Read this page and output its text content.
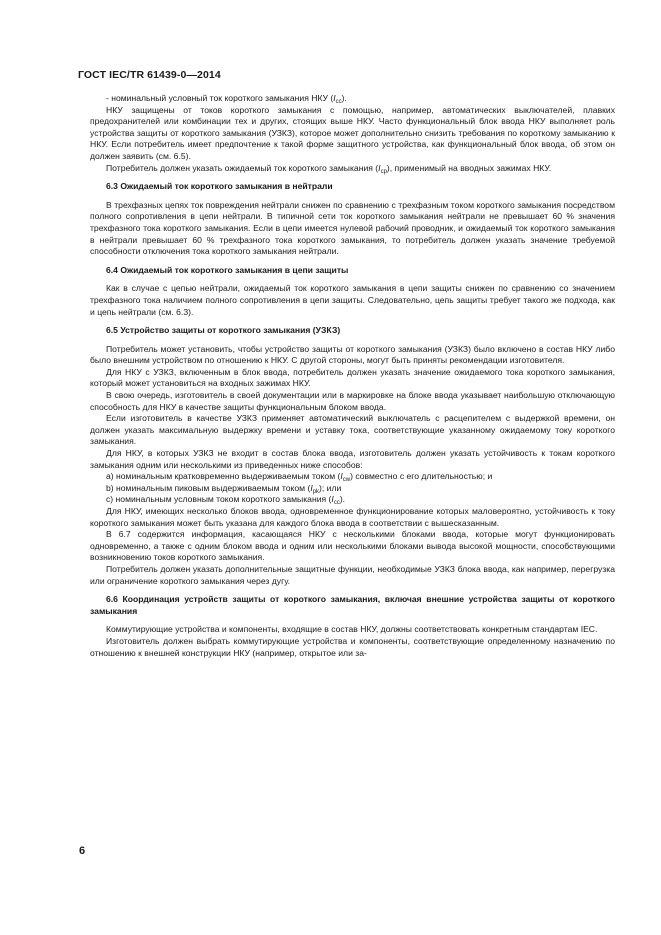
ГОСТ IEC/TR 61439-0—2014

- номинальный условный ток короткого замыкания НКУ $(I_{cc})$.

НКУ защищены от токов короткого замыкания с помощью, например, автоматических выключателей, плавких предохранителей или комбинации тех и других, стоящих выше НКУ. Часто функциональный блок ввода НКУ выполняет роль устройства защиты от короткого замыкания (УЗКЗ), которое может дополнительно снизить требования по короткому замыканию к НКУ. Если потребитель имеет предпочтение к такой форме защитного устройства, как функциональный блок ввода, об этом он должен заявить (см. 6.5).

Потребитель должен указать ожидаемый ток короткого замыкания $(I_{cp})$, применимый на вводных зажимах НКУ.

6.3 Ожидаемый ток короткого замыкания в нейтрали

В трехфазных цепях ток повреждения нейтрали снижен по сравнению с трехфазным током короткого замыкания посредством полного сопротивления в цепи нейтрали. В типичной сети ток короткого замыкания нейтрали не превышает 60 % значения трехфазного тока короткого замыкания. Если в цепи имеется нулевой рабочий проводник, и ожидаемый ток короткого замыкания в нейтрали превышает 60 % трехфазного тока короткого замыкания, то потребитель должен указать значение требуемой способности отключения тока короткого замыкания нейтрали.

6.4 Ожидаемый ток короткого замыкания в цепи защиты

Как в случае с цепью нейтрали, ожидаемый ток короткого замыкания в цепи защиты снижен по сравнению со значением трехфазного тока наличием полного сопротивления в цепи защиты. Следовательно, цепь защиты требует такого же подхода, как и цепь нейтрали (см. 6.3).

6.5 Устройство защиты от короткого замыкания (УЗКЗ)

Потребитель может установить, чтобы устройство защиты от короткого замыкания (УЗКЗ) было включено в состав НКУ либо было внешним устройством по отношению к НКУ. С другой стороны, могут быть приняты рекомендации изготовителя.

Для НКУ с УЗКЗ, включенным в блок ввода, потребитель должен указать значение ожидаемого тока короткого замыкания, который может установиться на входных зажимах НКУ.

В свою очередь, изготовитель в своей документации или в маркировке на блоке ввода указывает наибольшую отключающую способность для НКУ в качестве защиты функциональным блоком ввода.

Если изготовитель в качестве УЗКЗ применяет автоматический выключатель с расцепителем с выдержкой времени, он должен указать максимальную выдержку времени и уставку тока, соответствующие указанному ожидаемому току короткого замыкания.

Для НКУ, в которых УЗКЗ не входит в состав блока ввода, изготовитель должен указать устойчивость к токам короткого замыкания одним или несколькими из приведенных ниже способов:

a) номинальным кратковременно выдерживаемым током $(I_{cw})$ совместно с его длительностью; и

b) номинальным пиковым выдерживаемым током $(I_{pk})$; или

c) номинальным условным током короткого замыкания $(I_{cc})$.

Для НКУ, имеющих несколько блоков ввода, одновременное функционирование которых маловероятно, устойчивость к току короткого замыкания может быть указана для каждого блока ввода в соответствии с вышесказанным.

В 6.7 содержится информация, касающаяся НКУ с несколькими блоками ввода, которые могут функционировать одновременно, а также с одним блоком ввода и одним или несколькими блоками вывода высокой мощности, способствующими возникновению токов короткого замыкания.

Потребитель должен указать дополнительные защитные функции, необходимые УЗКЗ блока ввода, как например, перегрузка или ограничение короткого замыкания через дугу.

6.6 Координация устройств защиты от короткого замыкания, включая внешние устройства защиты от короткого замыкания

Коммутирующие устройства и компоненты, входящие в состав НКУ, должны соответствовать конкретным стандартам IEC.

Изготовитель должен выбрать коммутирующие устройства и компоненты, соответствующие определенному назначению по отношению к внешней конструкции НКУ (например, открытое или за-

6
